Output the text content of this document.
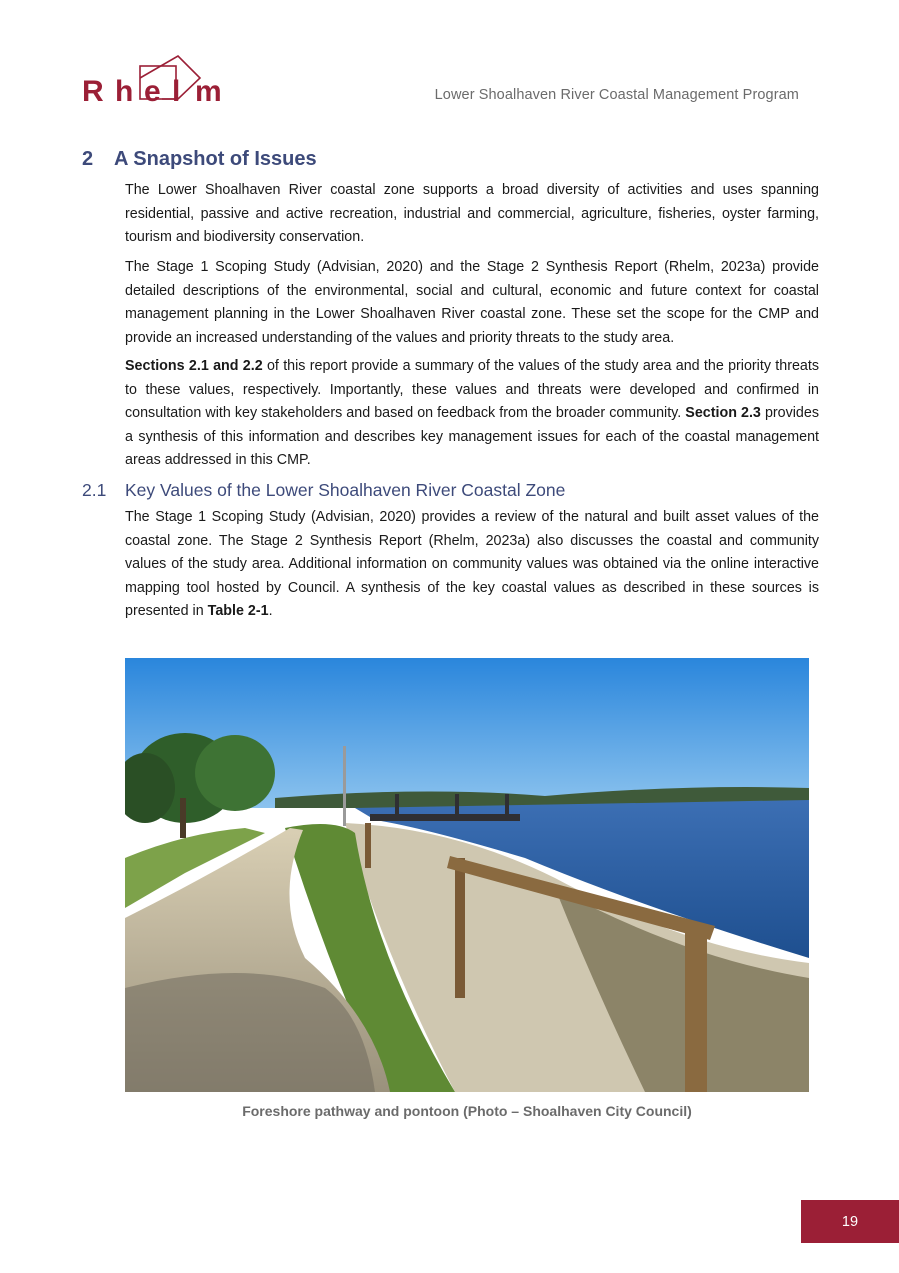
R h e l m	Lower Shoalhaven River Coastal Management Program
2 A Snapshot of Issues

The Lower Shoalhaven River coastal zone supports a broad diversity of activities and uses spanning residential, passive and active recreation, industrial and commercial, agriculture, fisheries, oyster farming, tourism and biodiversity conservation.

The Stage 1 Scoping Study (Advisian, 2020) and the Stage 2 Synthesis Report (Rhelm, 2023a) provide detailed descriptions of the environmental, social and cultural, economic and future context for coastal management planning in the Lower Shoalhaven River coastal zone. These set the scope for the CMP and provide an increased understanding of the values and priority threats to the study area.

Sections 2.1 and 2.2 of this report provide a summary of the values of the study area and the priority threats to these values, respectively. Importantly, these values and threats were developed and confirmed in consultation with key stakeholders and based on feedback from the broader community. Section 2.3 provides a synthesis of this information and describes key management issues for each of the coastal management areas addressed in this CMP.

2.1 Key Values of the Lower Shoalhaven River Coastal Zone

The Stage 1 Scoping Study (Advisian, 2020) provides a review of the natural and built asset values of the coastal zone. The Stage 2 Synthesis Report (Rhelm, 2023a) also discusses the coastal and community values of the study area. Additional information on community values was obtained via the online interactive mapping tool hosted by Council. A synthesis of the key coastal values as described in these sources is presented in Table 2-1.

Foreshore pathway and pontoon (Photo – Shoalhaven City Council)
19
